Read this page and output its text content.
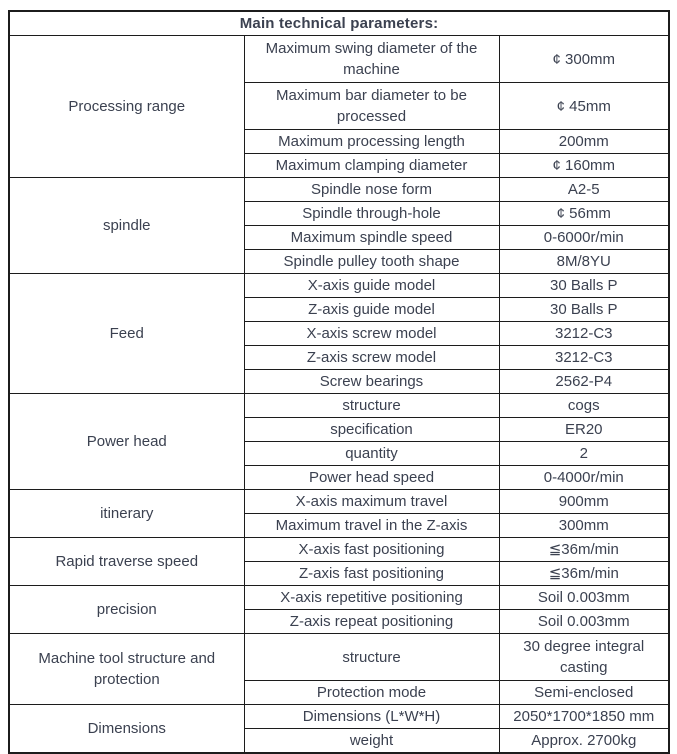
Main technical parameters:		
Processing range	Maximum swing diameter of the machine	¢ 300mm
	Maximum bar diameter to be processed	¢ 45mm
	Maximum processing length	200mm
	Maximum clamping diameter	¢ 160mm
spindle	Spindle nose form	A2-5
	Spindle through-hole	¢ 56mm
	Maximum spindle speed	0-6000r/min
	Spindle pulley tooth shape	8M/8YU
Feed	X-axis guide model	30 Balls P
	Z-axis guide model	30 Balls P
	X-axis screw model	3212-C3
	Z-axis screw model	3212-C3
	Screw bearings	2562-P4
Power head	structure	cogs
	specification	ER20
	quantity	2
	Power head speed	0-4000r/min
itinerary	X-axis maximum travel	900mm
	Maximum travel in the Z-axis	300mm
Rapid traverse speed	X-axis fast positioning	≦36m/min
	Z-axis fast positioning	≦36m/min
precision	X-axis repetitive positioning	Soil 0.003mm
	Z-axis repeat positioning	Soil 0.003mm
Machine tool structure and protection	structure	30 degree integral casting
	Protection mode	Semi-enclosed
Dimensions	Dimensions (L*W*H)	2050*1700*1850 mm
	weight	Approx. 2700kg
